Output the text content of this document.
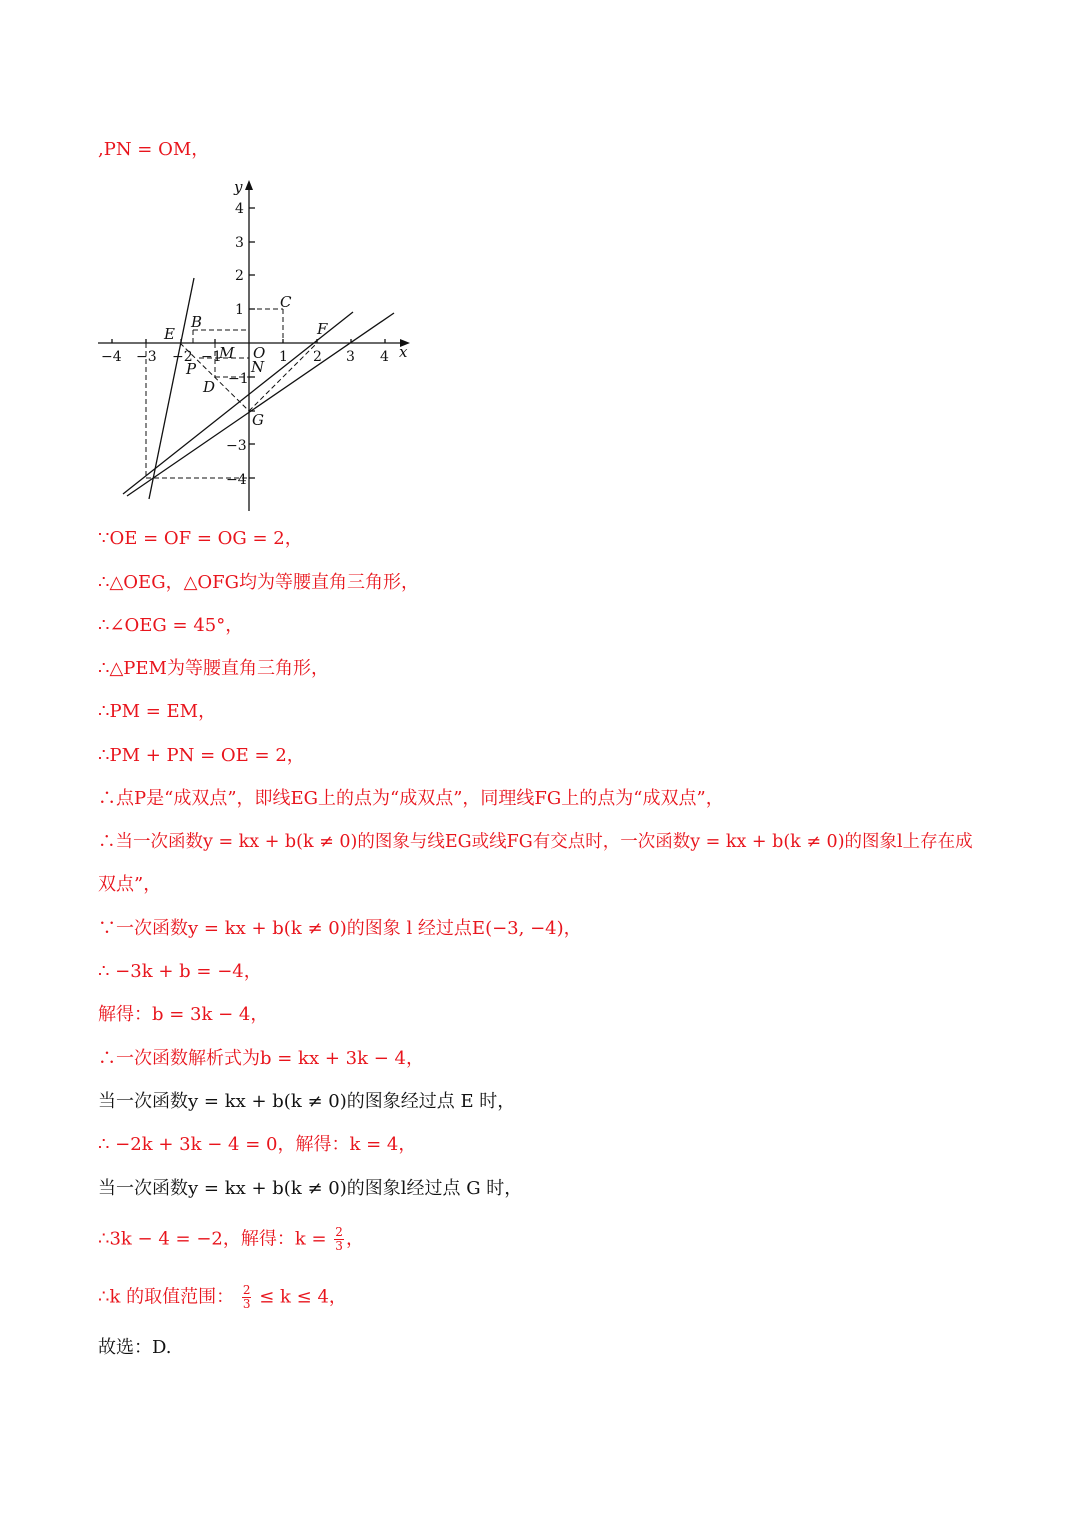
,PN = OM，
x
y
B
C
D
E	F
G
M
N
P
O
−4 −3 −2 −1	1 2 3 4
4
3
2
1
−1
−3
−4
∵OE = OF = OG = 2，
∴△OEG，△OFG均为等腰直角三角形，
∴∠OEG = 45°，
∴△PEM为等腰直角三角形，
∴PM = EM，
∴PM + PN = OE = 2，
∴点P是“成双点”，即线EG上的点为“成双点”，同理线FG上的点为“成双点”，
∴当一次函数y = kx + b(k ≠ 0)的图象与线EG或线FG有交点时，一次函数y = kx + b(k ≠ 0)的图象l上存在成
双点”，
∵一次函数y = kx + b(k ≠ 0)的图象 l 经过点E(−3, −4)，
∴ −3k + b = −4，
解得：b = 3k − 4，
∴一次函数解析式为b = kx + 3k − 4，
当一次函数y = kx + b(k ≠ 0)的图象经过点 E 时，
∴ −2k + 3k − 4 = 0，解得：k = 4，
当一次函数y = kx + b(k ≠ 0)的图象l经过点 G 时，
∴3k − 4 = −2，解得：$k = \frac{2}{3}$ ，
∴k 的取值范围： $\frac{2}{3} \le k \le 4$，
故选：D.
